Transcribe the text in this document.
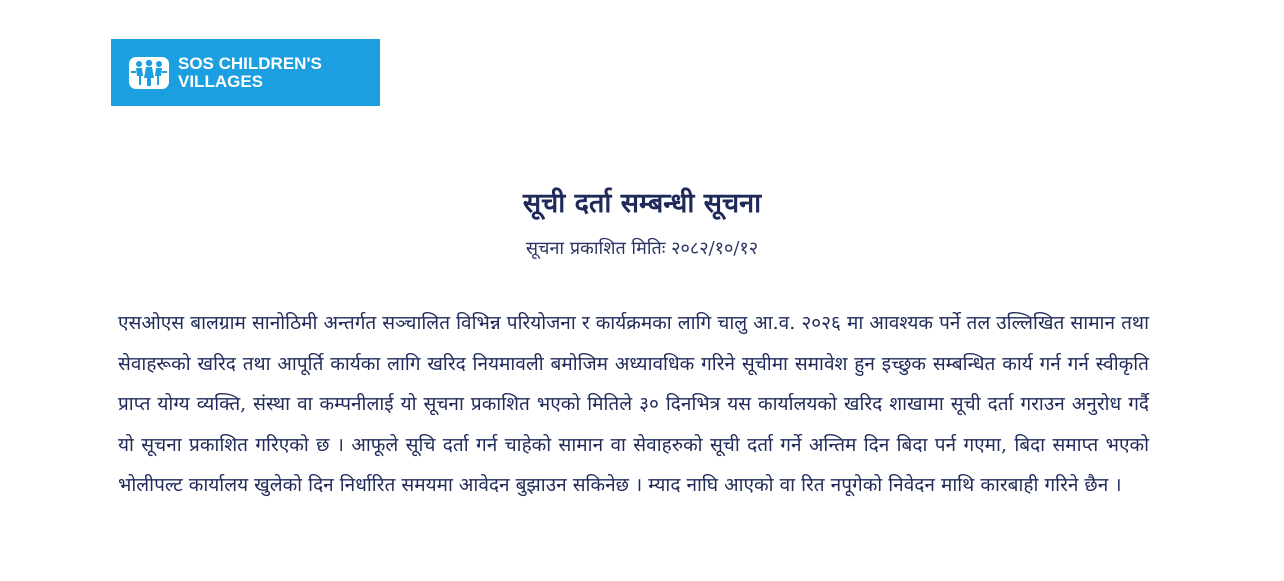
SOS CHILDREN'S
VILLAGES
सूची दर्ता सम्बन्धी सूचना
सूचना प्रकाशित मितिः २०८२/१०/१२
एसओएस बालग्राम सानोठिमी अन्तर्गत सञ्चालित विभिन्न परियोजना र कार्यक्रमका लागि चालु आ.व. २०२६ मा आवश्यक पर्ने तल उल्लिखित सामान तथा सेवाहरूको खरिद तथा आपूर्ति कार्यका लागि खरिद नियमावली बमोजिम अध्यावधिक गरिने सूचीमा समावेश हुन इच्छुक सम्बन्धित कार्य गर्न गर्न स्वीकृति प्राप्त योग्य व्यक्ति, संस्था वा कम्पनीलाई यो सूचना प्रकाशित भएको मितिले ३० दिनभित्र यस कार्यालयको खरिद शाखामा सूची दर्ता गराउन अनुरोध गर्दै यो सूचना प्रकाशित गरिएको छ । आफूले सूचि दर्ता गर्न चाहेको सामान वा सेवाहरुको सूची दर्ता गर्ने अन्तिम दिन बिदा पर्न गएमा, बिदा समाप्त भएको भोलीपल्ट कार्यालय खुलेको दिन निर्धारित समयमा आवेदन बुझाउन सकिनेछ । म्याद नाघि आएको वा रित नपूगेको निवेदन माथि कारबाही गरिने छैन ।
